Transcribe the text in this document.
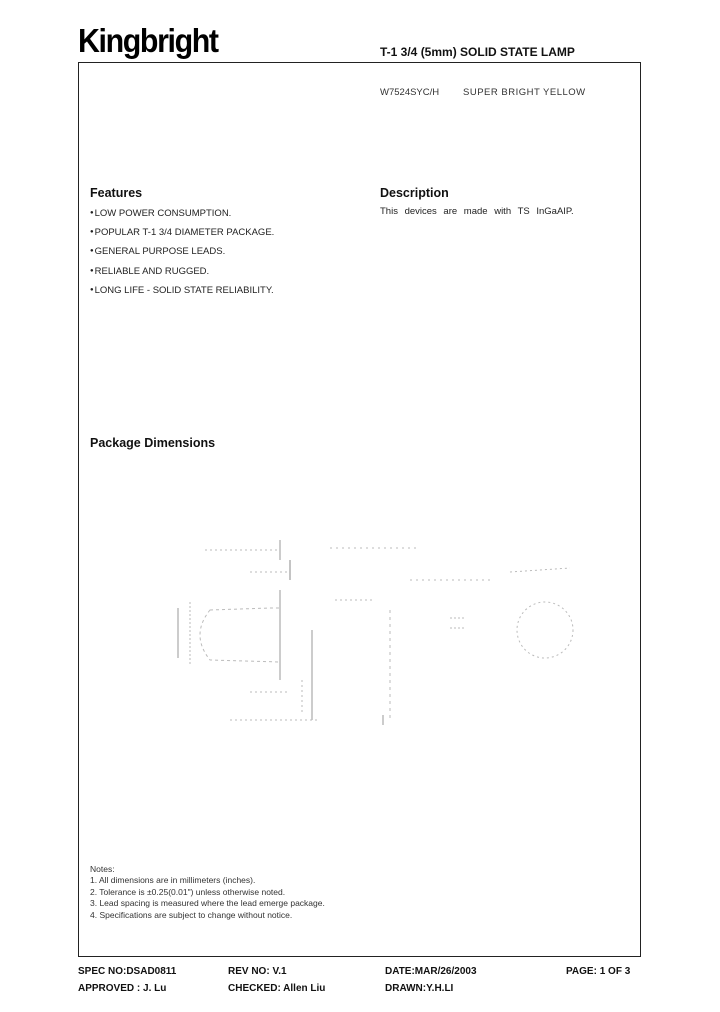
Kingbright	T-1 3/4 (5mm) SOLID STATE LAMP
W7524SYC/H	SUPER BRIGHT YELLOW
Features
● LOW POWER CONSUMPTION.
● POPULAR T-1 3/4 DIAMETER PACKAGE.
● GENERAL PURPOSE LEADS.
● RELIABLE AND RUGGED.
● LONG LIFE - SOLID STATE RELIABILITY.
Description
This devices are made with TS InGaAIP.
Package Dimensions
Notes:
1. All dimensions are in millimeters (inches).
2. Tolerance is ±0.25(0.01") unless otherwise noted.
3. Lead spacing is measured where the lead emerge package.
4. Specifications are subject to change without notice.
SPEC NO:DSAD0811	REV NO: V.1	DATE:MAR/26/2003	PAGE: 1 OF 3
APPROVED : J. Lu	CHECKED: Allen Liu	DRAWN:Y.H.LI
